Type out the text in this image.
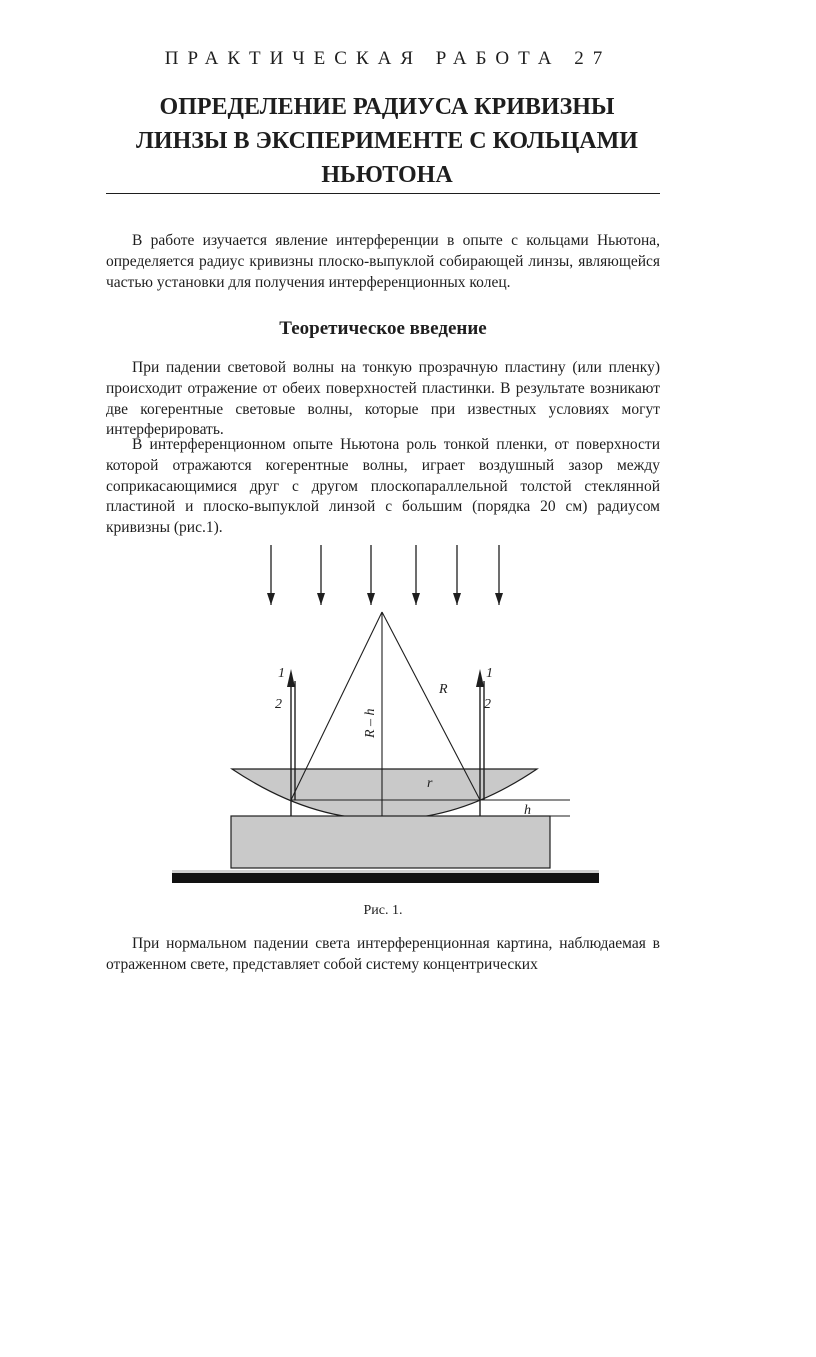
ПРАКТИЧЕСКАЯ РАБОТА 27
ОПРЕДЕЛЕНИЕ РАДИУСА КРИВИЗНЫ
ЛИНЗЫ В ЭКСПЕРИМЕНТЕ С КОЛЬЦАМИ
НЬЮТОНА

В работе изучается явление интерференции в опыте с кольцами Ньютона, определяется радиус кривизны плоско-выпуклой собирающей линзы, являющейся частью установки для получения интерференционных колец.

Теоретическое введение

При падении световой волны на тонкую прозрачную пластину (или пленку) происходит отражение от обеих поверхностей пластинки. В результате возникают две когерентные световые волны, которые при известных условиях могут интерферировать.

В интерференционном опыте Ньютона роль тонкой пленки, от поверхности которой отражаются когерентные волны, играет воздушный зазор между соприкасающимися друг с другом плоскопараллельной толстой стеклянной пластиной и плоско-выпуклой линзой с большим (порядка 20 см) радиусом кривизны (рис.1).

1
2
1
2
R
R – h
r
h

Рис. 1.

При нормальном падении света интерференционная картина, наблюдаемая в отраженном свете, представляет собой систему концентрических
